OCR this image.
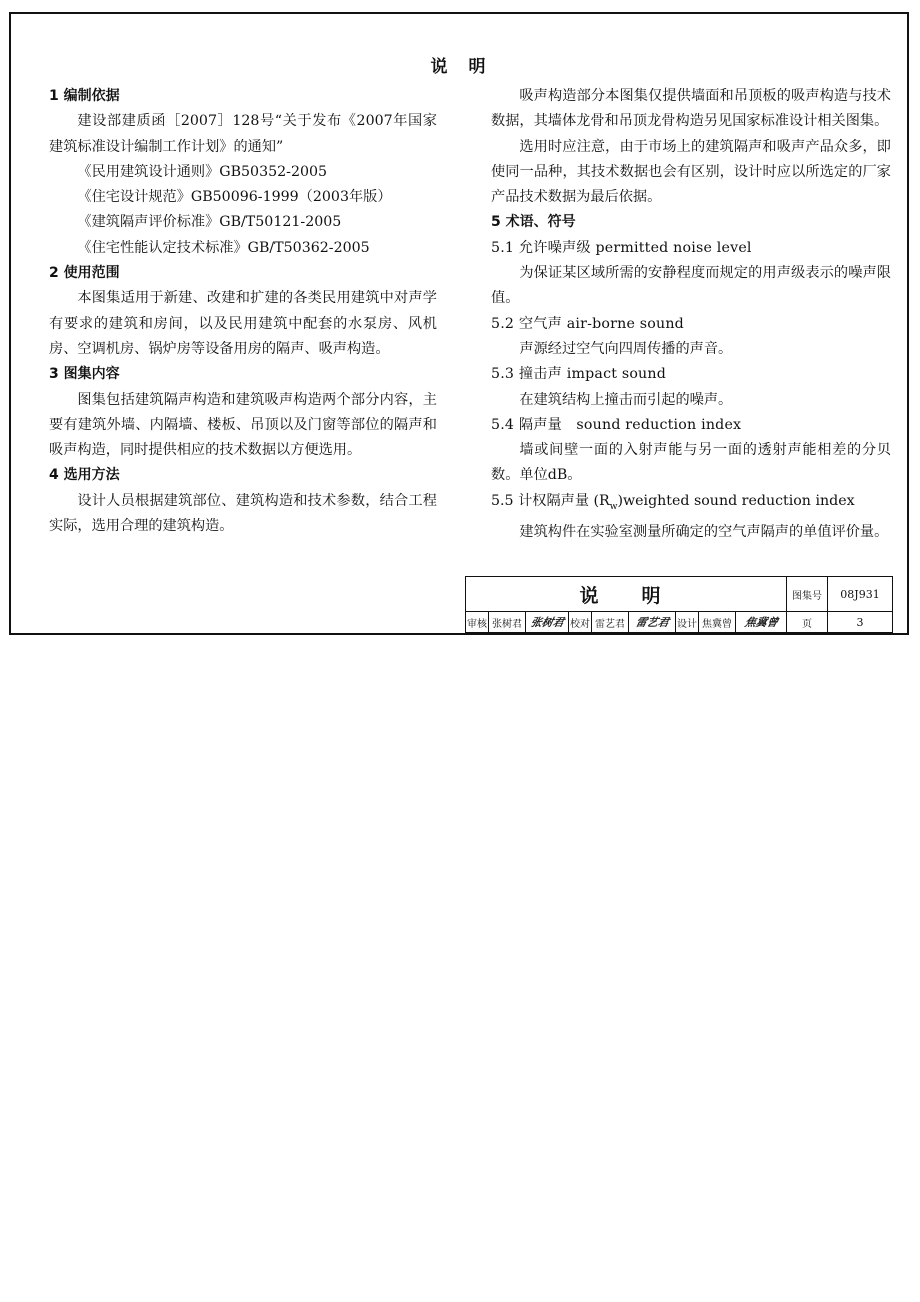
说　明

1 编制依据

建设部建质函［2007］128号“关于发布《2007年国家建筑标准设计编制工作计划》的通知”

《民用建筑设计通则》GB50352-2005

《住宅设计规范》GB50096-1999（2003年版）

《建筑隔声评价标准》GB/T50121-2005

《住宅性能认定技术标准》GB/T50362-2005

2 使用范围

本图集适用于新建、改建和扩建的各类民用建筑中对声学有要求的建筑和房间，以及民用建筑中配套的水泵房、风机房、空调机房、锅炉房等设备用房的隔声、吸声构造。

3 图集内容

图集包括建筑隔声构造和建筑吸声构造两个部分内容，主要有建筑外墙、内隔墙、楼板、吊顶以及门窗等部位的隔声和吸声构造，同时提供相应的技术数据以方便选用。

4 选用方法

设计人员根据建筑部位、建筑构造和技术参数，结合工程实际，选用合理的建筑构造。

吸声构造部分本图集仅提供墙面和吊顶板的吸声构造与技术数据，其墙体龙骨和吊顶龙骨构造另见国家标准设计相关图集。

选用时应注意，由于市场上的建筑隔声和吸声产品众多，即使同一品种，其技术数据也会有区别，设计时应以所选定的厂家产品技术数据为最后依据。

5 术语、符号

5.1 允许噪声级 permitted noise level

为保证某区域所需的安静程度而规定的用声级表示的噪声限值。

5.2 空气声 air-borne sound

声源经过空气向四周传播的声音。

5.3 撞击声 impact sound

在建筑结构上撞击而引起的噪声。

5.4 隔声量　sound reduction index

墙或间壁一面的入射声能与另一面的透射声能相差的分贝数。单位dB。

5.5 计权隔声量 $(R_w)weighted$ sound reduction index

建筑构件在实验室测量所确定的空气声隔声的单值评价量。

说　明									图集号	08J931
审核	张树君	张树君	校对	雷艺君	雷艺君	设计	焦冀曾	焦冀曾	页	3
